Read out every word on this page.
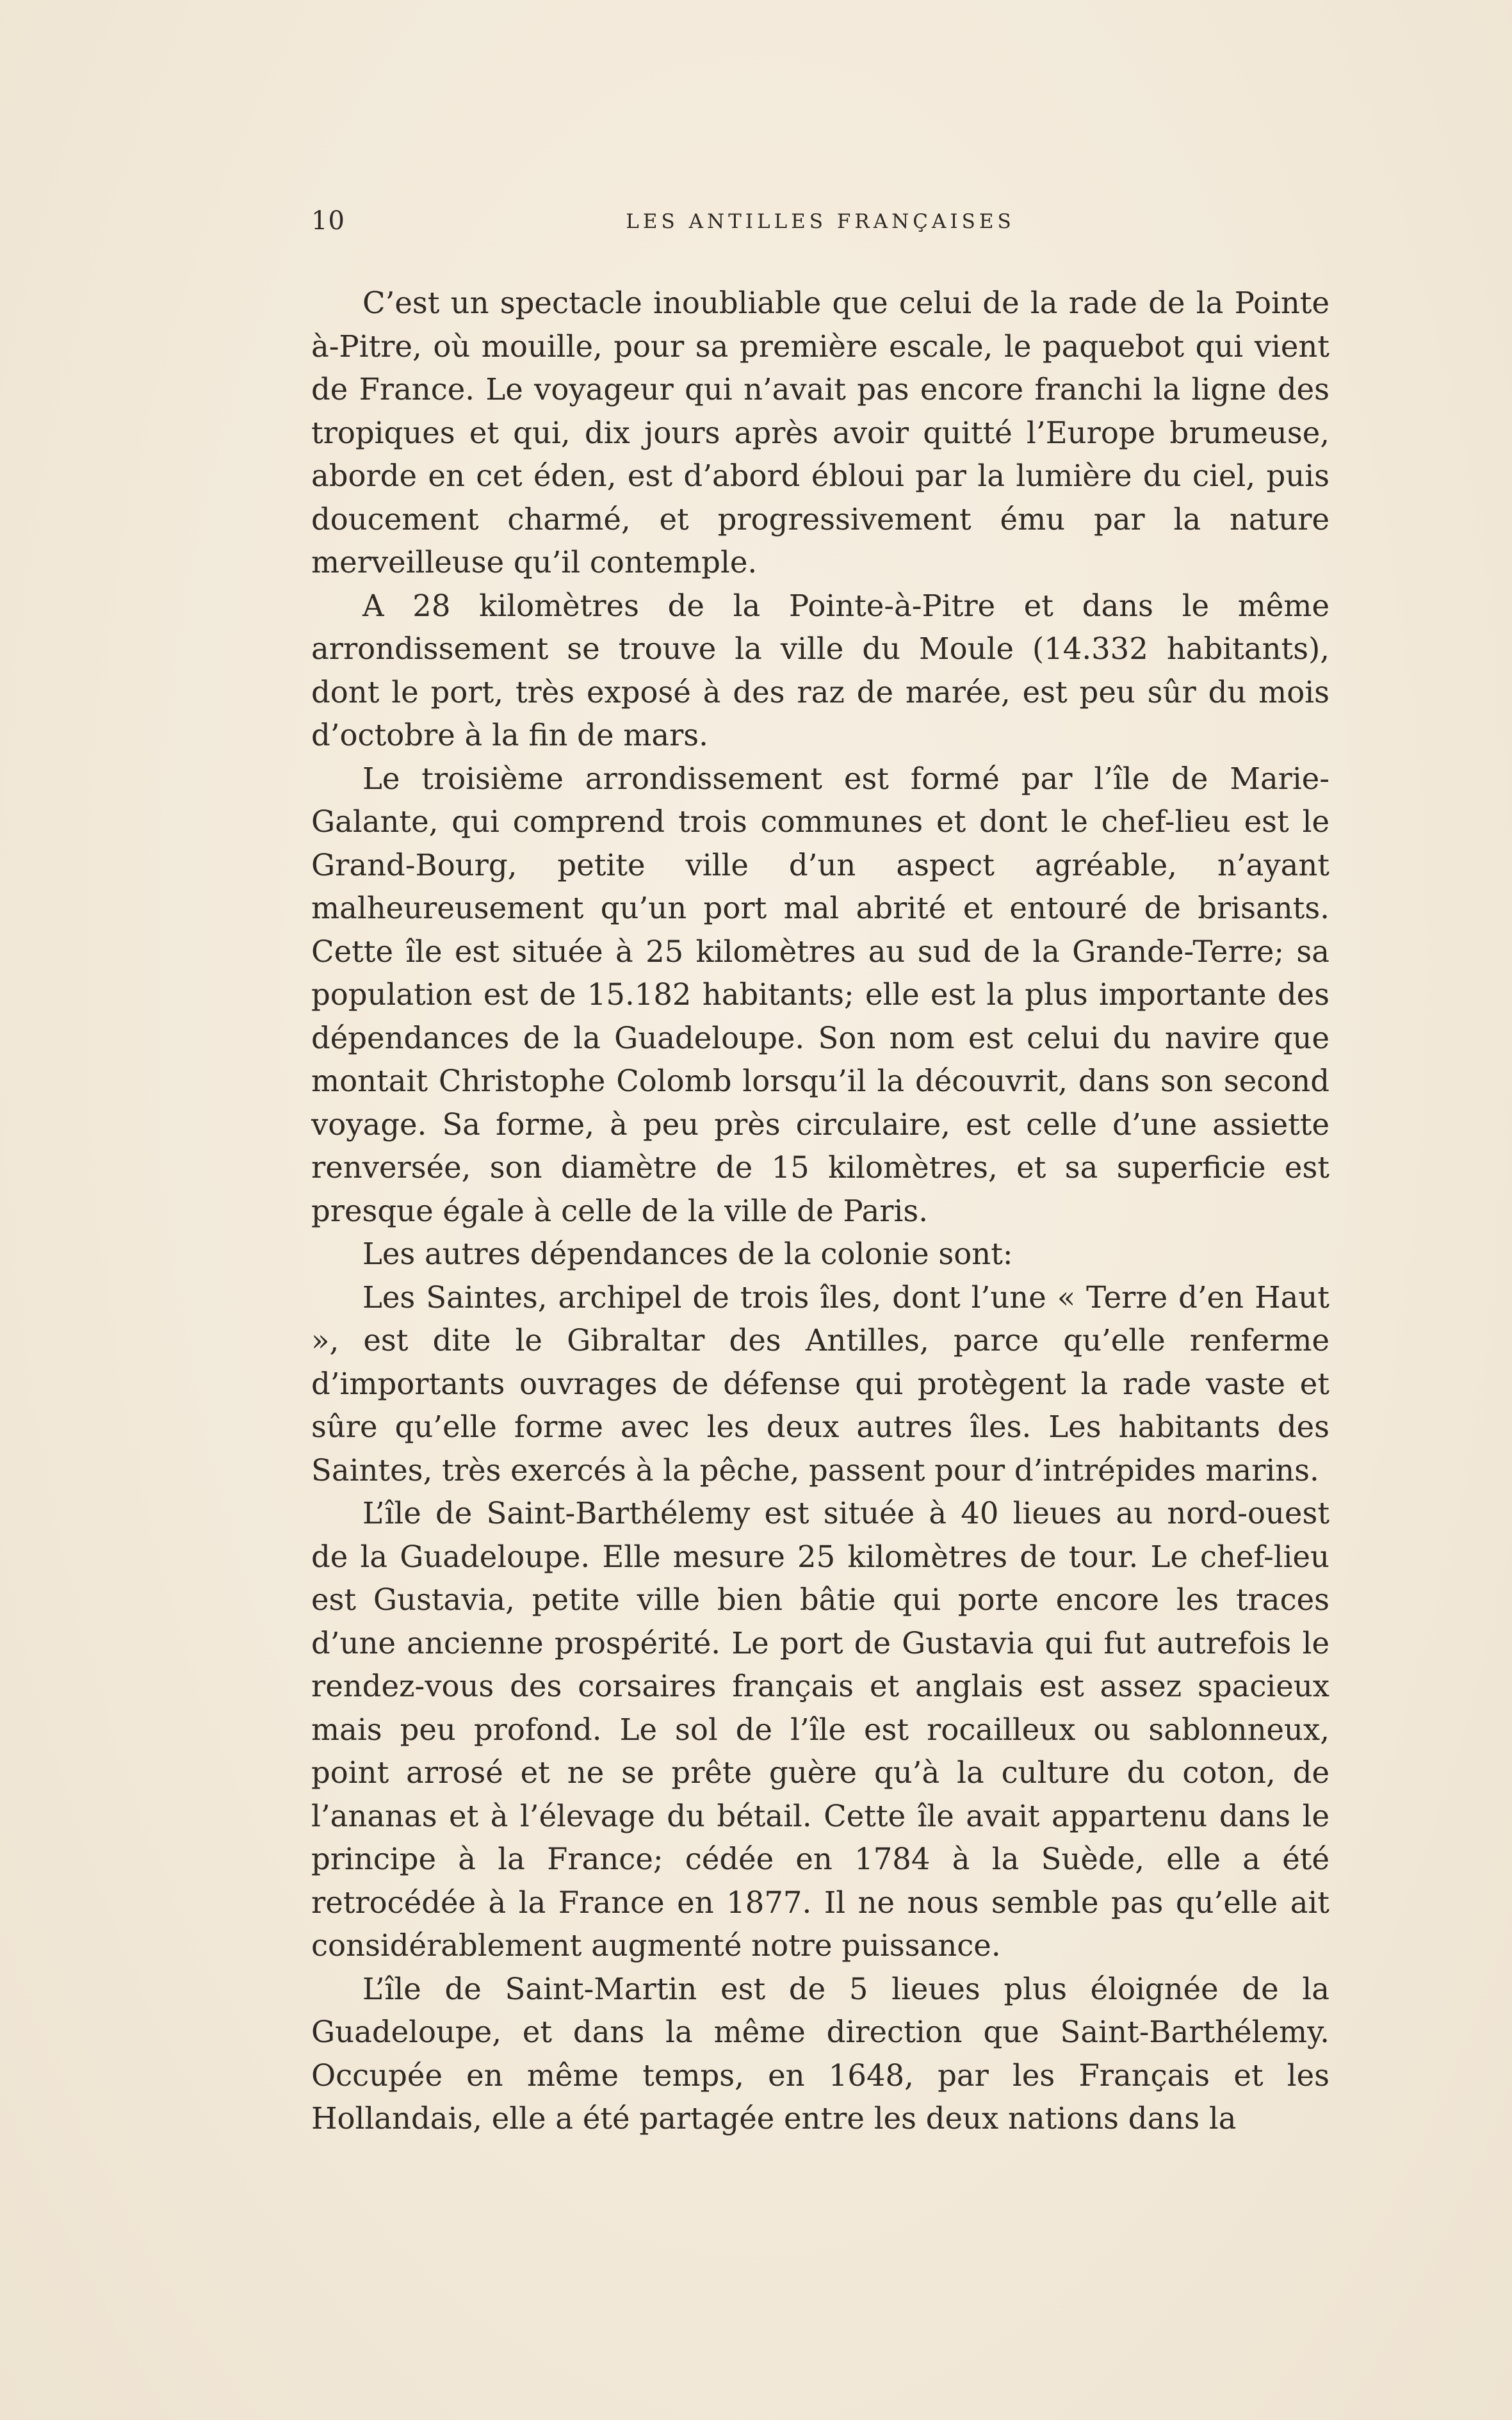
10	LES ANTILLES FRANÇAISES

C’est un spectacle inoubliable que celui de la rade de la Pointe à-Pitre, où mouille, pour sa première escale, le paquebot qui vient de France. Le voyageur qui n’avait pas encore franchi la ligne des tropiques et qui, dix jours après avoir quitté l’Europe brumeuse, aborde en cet éden, est d’abord ébloui par la lumière du ciel, puis doucement charmé, et progressivement ému par la nature merveilleuse qu’il contemple.

A 28 kilomètres de la Pointe-à-Pitre et dans le même arrondissement se trouve la ville du Moule (14.332 habitants), dont le port, très exposé à des raz de marée, est peu sûr du mois d’octobre à la fin de mars.

Le troisième arrondissement est formé par l’île de Marie-Galante, qui comprend trois communes et dont le chef-lieu est le Grand-Bourg, petite ville d’un aspect agréable, n’ayant malheureusement qu’un port mal abrité et entouré de brisants. Cette île est située à 25 kilomètres au sud de la Grande-Terre; sa population est de 15.182 habitants; elle est la plus importante des dépendances de la Guadeloupe. Son nom est celui du navire que montait Christophe Colomb lorsqu’il la découvrit, dans son second voyage. Sa forme, à peu près circulaire, est celle d’une assiette renversée, son diamètre de 15 kilomètres, et sa superficie est presque égale à celle de la ville de Paris.

Les autres dépendances de la colonie sont:

Les Saintes, archipel de trois îles, dont l’une « Terre d’en Haut », est dite le Gibraltar des Antilles, parce qu’elle renferme d’importants ouvrages de défense qui protègent la rade vaste et sûre qu’elle forme avec les deux autres îles. Les habitants des Saintes, très exercés à la pêche, passent pour d’intrépides marins.

L’île de Saint-Barthélemy est située à 40 lieues au nord-ouest de la Guadeloupe. Elle mesure 25 kilomètres de tour. Le chef-lieu est Gustavia, petite ville bien bâtie qui porte encore les traces d’une ancienne prospérité. Le port de Gustavia qui fut autrefois le rendez-vous des corsaires français et anglais est assez spacieux mais peu profond. Le sol de l’île est rocailleux ou sablonneux, point arrosé et ne se prête guère qu’à la culture du coton, de l’ananas et à l’élevage du bétail. Cette île avait appartenu dans le principe à la France; cédée en 1784 à la Suède, elle a été retrocédée à la France en 1877. Il ne nous semble pas qu’elle ait considérablement augmenté notre puissance.

L’île de Saint-Martin est de 5 lieues plus éloignée de la Guadeloupe, et dans la même direction que Saint-Barthélemy. Occupée en même temps, en 1648, par les Français et les Hollandais, elle a été partagée entre les deux nations dans la
